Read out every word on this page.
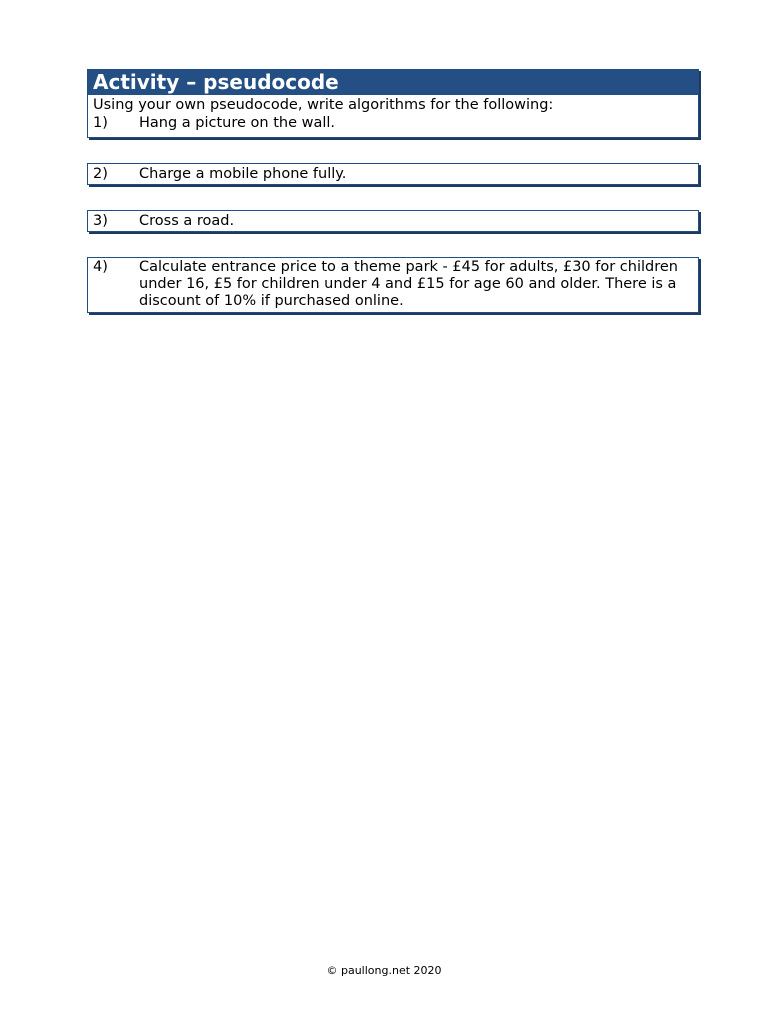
Activity – pseudocode
Using your own pseudocode, write algorithms for the following:
1)	Hang a picture on the wall.
2)	Charge a mobile phone fully.
3)	Cross a road.
4)	Calculate entrance price to a theme park - £45 for adults, £30 for children under 16, £5 for children under 4 and £15 for age 60 and older. There is a discount of 10% if purchased online.
© paullong.net 2020
